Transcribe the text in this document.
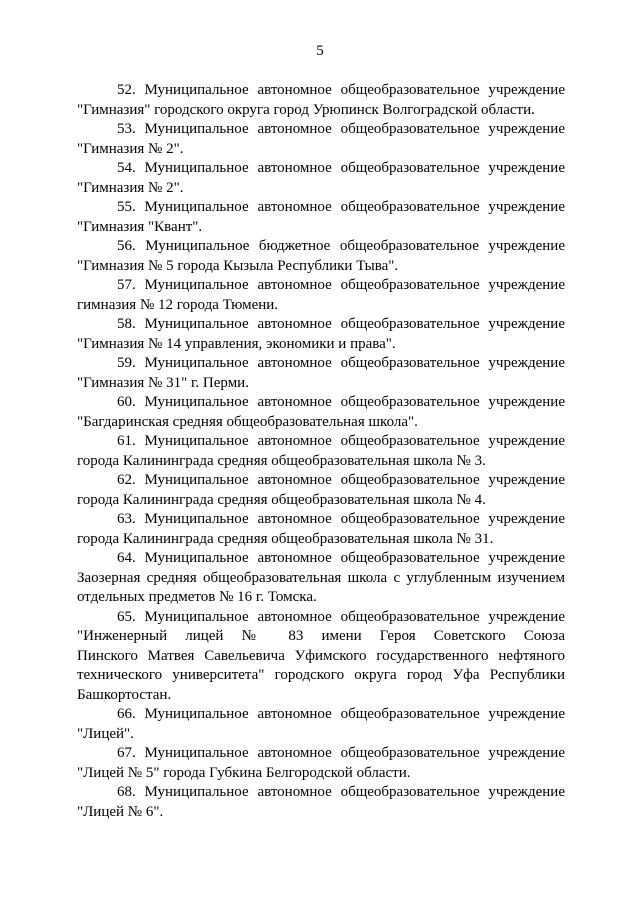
5
52. Муниципальное автономное общеобразовательное учреждение
"Гимназия" городского округа город Урюпинск Волгоградской области.
53. Муниципальное автономное общеобразовательное учреждение
"Гимназия № 2".
54. Муниципальное автономное общеобразовательное учреждение
"Гимназия № 2".
55. Муниципальное автономное общеобразовательное учреждение
"Гимназия "Квант".
56. Муниципальное бюджетное общеобразовательное учреждение
"Гимназия № 5 города Кызыла Республики Тыва".
57. Муниципальное автономное общеобразовательное учреждение
гимназия № 12 города Тюмени.
58. Муниципальное автономное общеобразовательное учреждение
"Гимназия № 14 управления, экономики и права".
59. Муниципальное автономное общеобразовательное учреждение
"Гимназия № 31" г. Перми.
60. Муниципальное автономное общеобразовательное учреждение
"Багдаринская средняя общеобразовательная школа".
61. Муниципальное автономное общеобразовательное учреждение
города Калининграда средняя общеобразовательная школа № 3.
62. Муниципальное автономное общеобразовательное учреждение
города Калининграда средняя общеобразовательная школа № 4.
63. Муниципальное автономное общеобразовательное учреждение
города Калининграда средняя общеобразовательная школа № 31.
64. Муниципальное автономное общеобразовательное учреждение
Заозерная средняя общеобразовательная школа с углубленным изучением
отдельных предметов № 16 г. Томска.
65. Муниципальное автономное общеобразовательное учреждение
"Инженерный лицей № 83 имени Героя Советского Союза
Пинского Матвея Савельевича Уфимского государственного нефтяного
технического университета" городского округа город Уфа Республики
Башкортостан.
66. Муниципальное автономное общеобразовательное учреждение
"Лицей".
67. Муниципальное автономное общеобразовательное учреждение
"Лицей № 5" города Губкина Белгородской области.
68. Муниципальное автономное общеобразовательное учреждение
"Лицей № 6".
